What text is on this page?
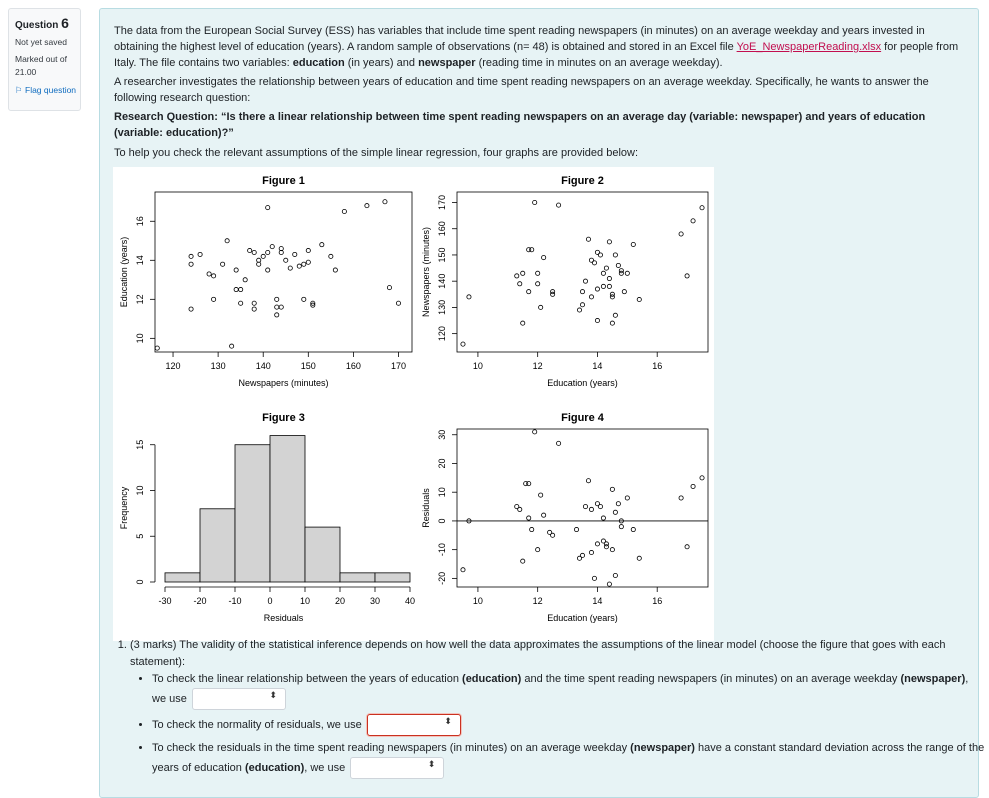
Question 6
Not yet saved
Marked out of
21.00
⚐ Flag question
The data from the European Social Survey (ESS) has variables that include time spent reading newspapers (in minutes) on an average weekday and years invested in obtaining the highest level of education (years). A random sample of observations (n= 48) is obtained and stored in an Excel file YoE_NewspaperReading.xlsx for people from Italy. The file contains two variables: education (in years) and newspaper (reading time in minutes on an average weekday).
A researcher investigates the relationship between years of education and time spent reading newspapers on an average weekday. Specifically, he wants to answer the following research question:
Research Question: “Is there a linear relationship between time spent reading newspapers on an average day (variable: newspaper) and years of education (variable: education)?”
To help you check the relevant assumptions of the simple linear regression, four graphs are provided below:
Figure 1
Newspapers (minutes)
Education (years)
120	130	140	150	160	170
10
12
14
16
Figure 2
Education (years)
Newspapers (minutes)
10	12	14	16
120
130
140
150
160
170
Figure 3
Residuals
Frequency
-30 -20 -10	0	10	20	30	40
0
5
10
15
Figure 4
Education (years)
Residuals
10	12	14	16
-20
-10
0
10
20
30
1. (3 marks) The validity of the statistical inference depends on how well the data approximates the assumptions of the linear model (choose the figure that goes with each statement):
• To check the linear relationship between the years of education (education) and the time spent reading newspapers (in minutes) on an average weekday (newspaper), we use	⬍
• To check the normality of residuals, we use	⬍
• To check the residuals in the time spent reading newspapers (in minutes) on an average weekday (newspaper) have a constant standard deviation across the range of the years of education (education), we use	⬍
